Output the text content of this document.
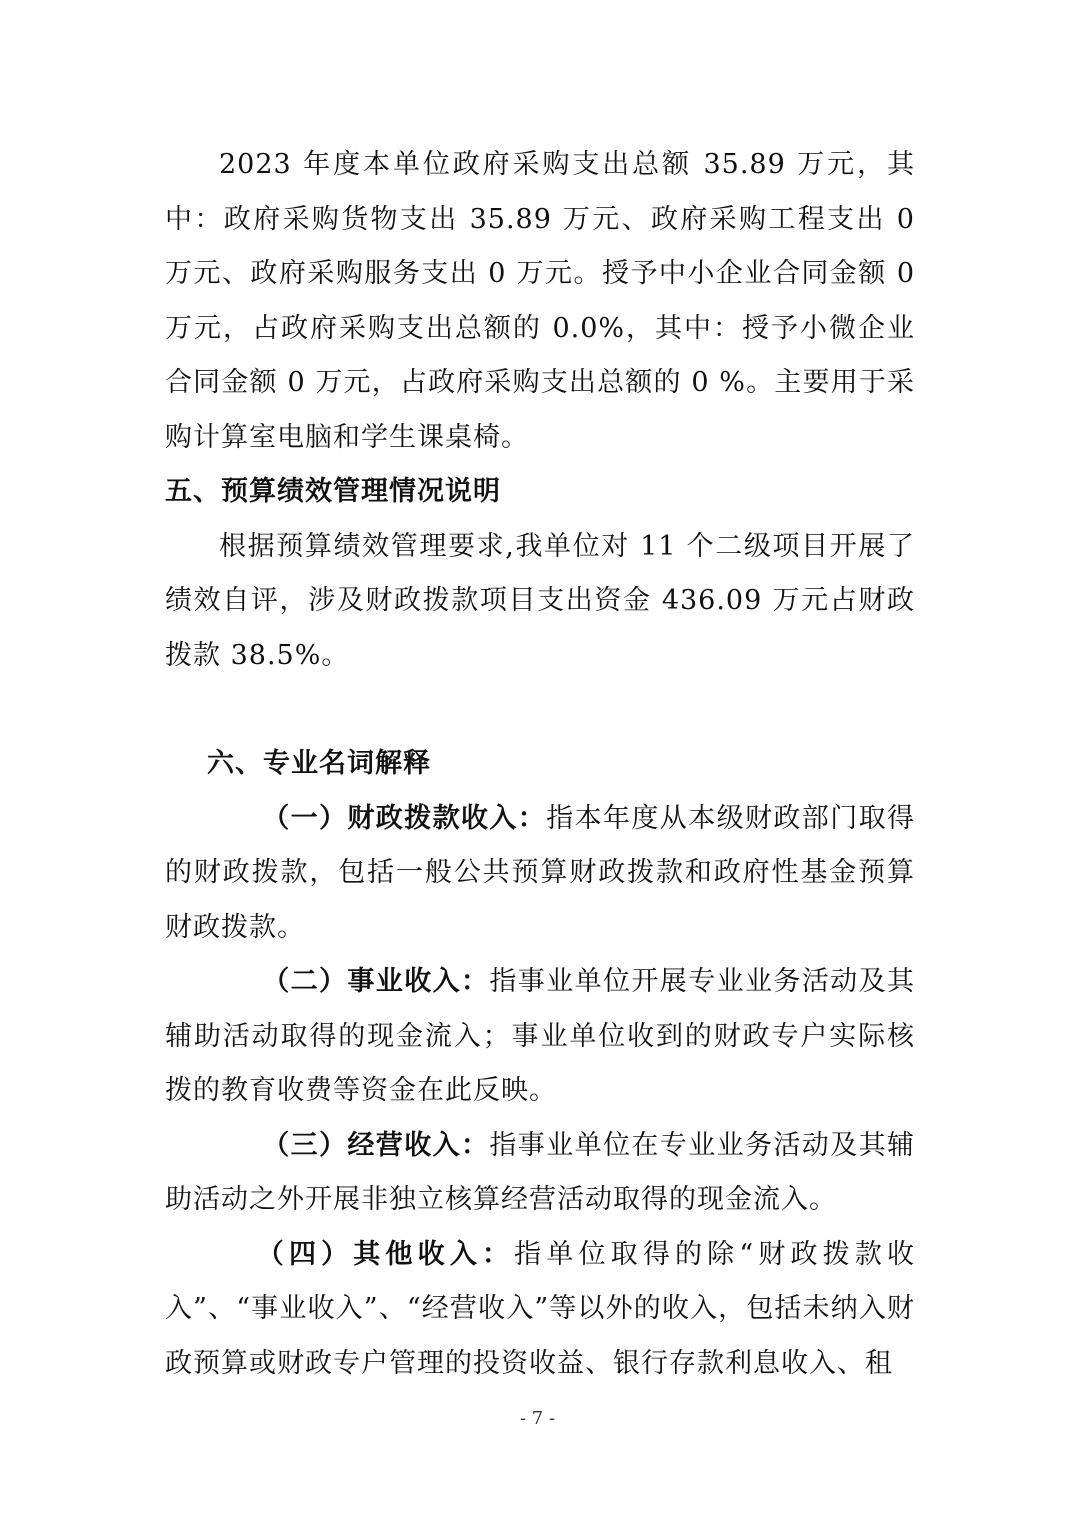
2023 年度本单位政府采购支出总额 35.89 万元，其中：政府采购货物支出 35.89 万元、政府采购工程支出 0 万元、政府采购服务支出 0 万元。授予中小企业合同金额 0 万元，占政府采购支出总额的 0.0%，其中：授予小微企业合同金额 0 万元，占政府采购支出总额的 0 %。主要用于采购计算室电脑和学生课桌椅。

五、预算绩效管理情况说明

根据预算绩效管理要求,我单位对 11 个二级项目开展了绩效自评，涉及财政拨款项目支出资金 436.09 万元占财政拨款 38.5%。

六、专业名词解释

（一）财政拨款收入：指本年度从本级财政部门取得的财政拨款，包括一般公共预算财政拨款和政府性基金预算财政拨款。

（二）事业收入：指事业单位开展专业业务活动及其辅助活动取得的现金流入；事业单位收到的财政专户实际核拨的教育收费等资金在此反映。

（三）经营收入：指事业单位在专业业务活动及其辅助活动之外开展非独立核算经营活动取得的现金流入。

（四）其他收入：指单位取得的除“财政拨款收入”、“事业收入”、“经营收入”等以外的收入，包括未纳入财政预算或财政专户管理的投资收益、银行存款利息收入、租

- 7 -
